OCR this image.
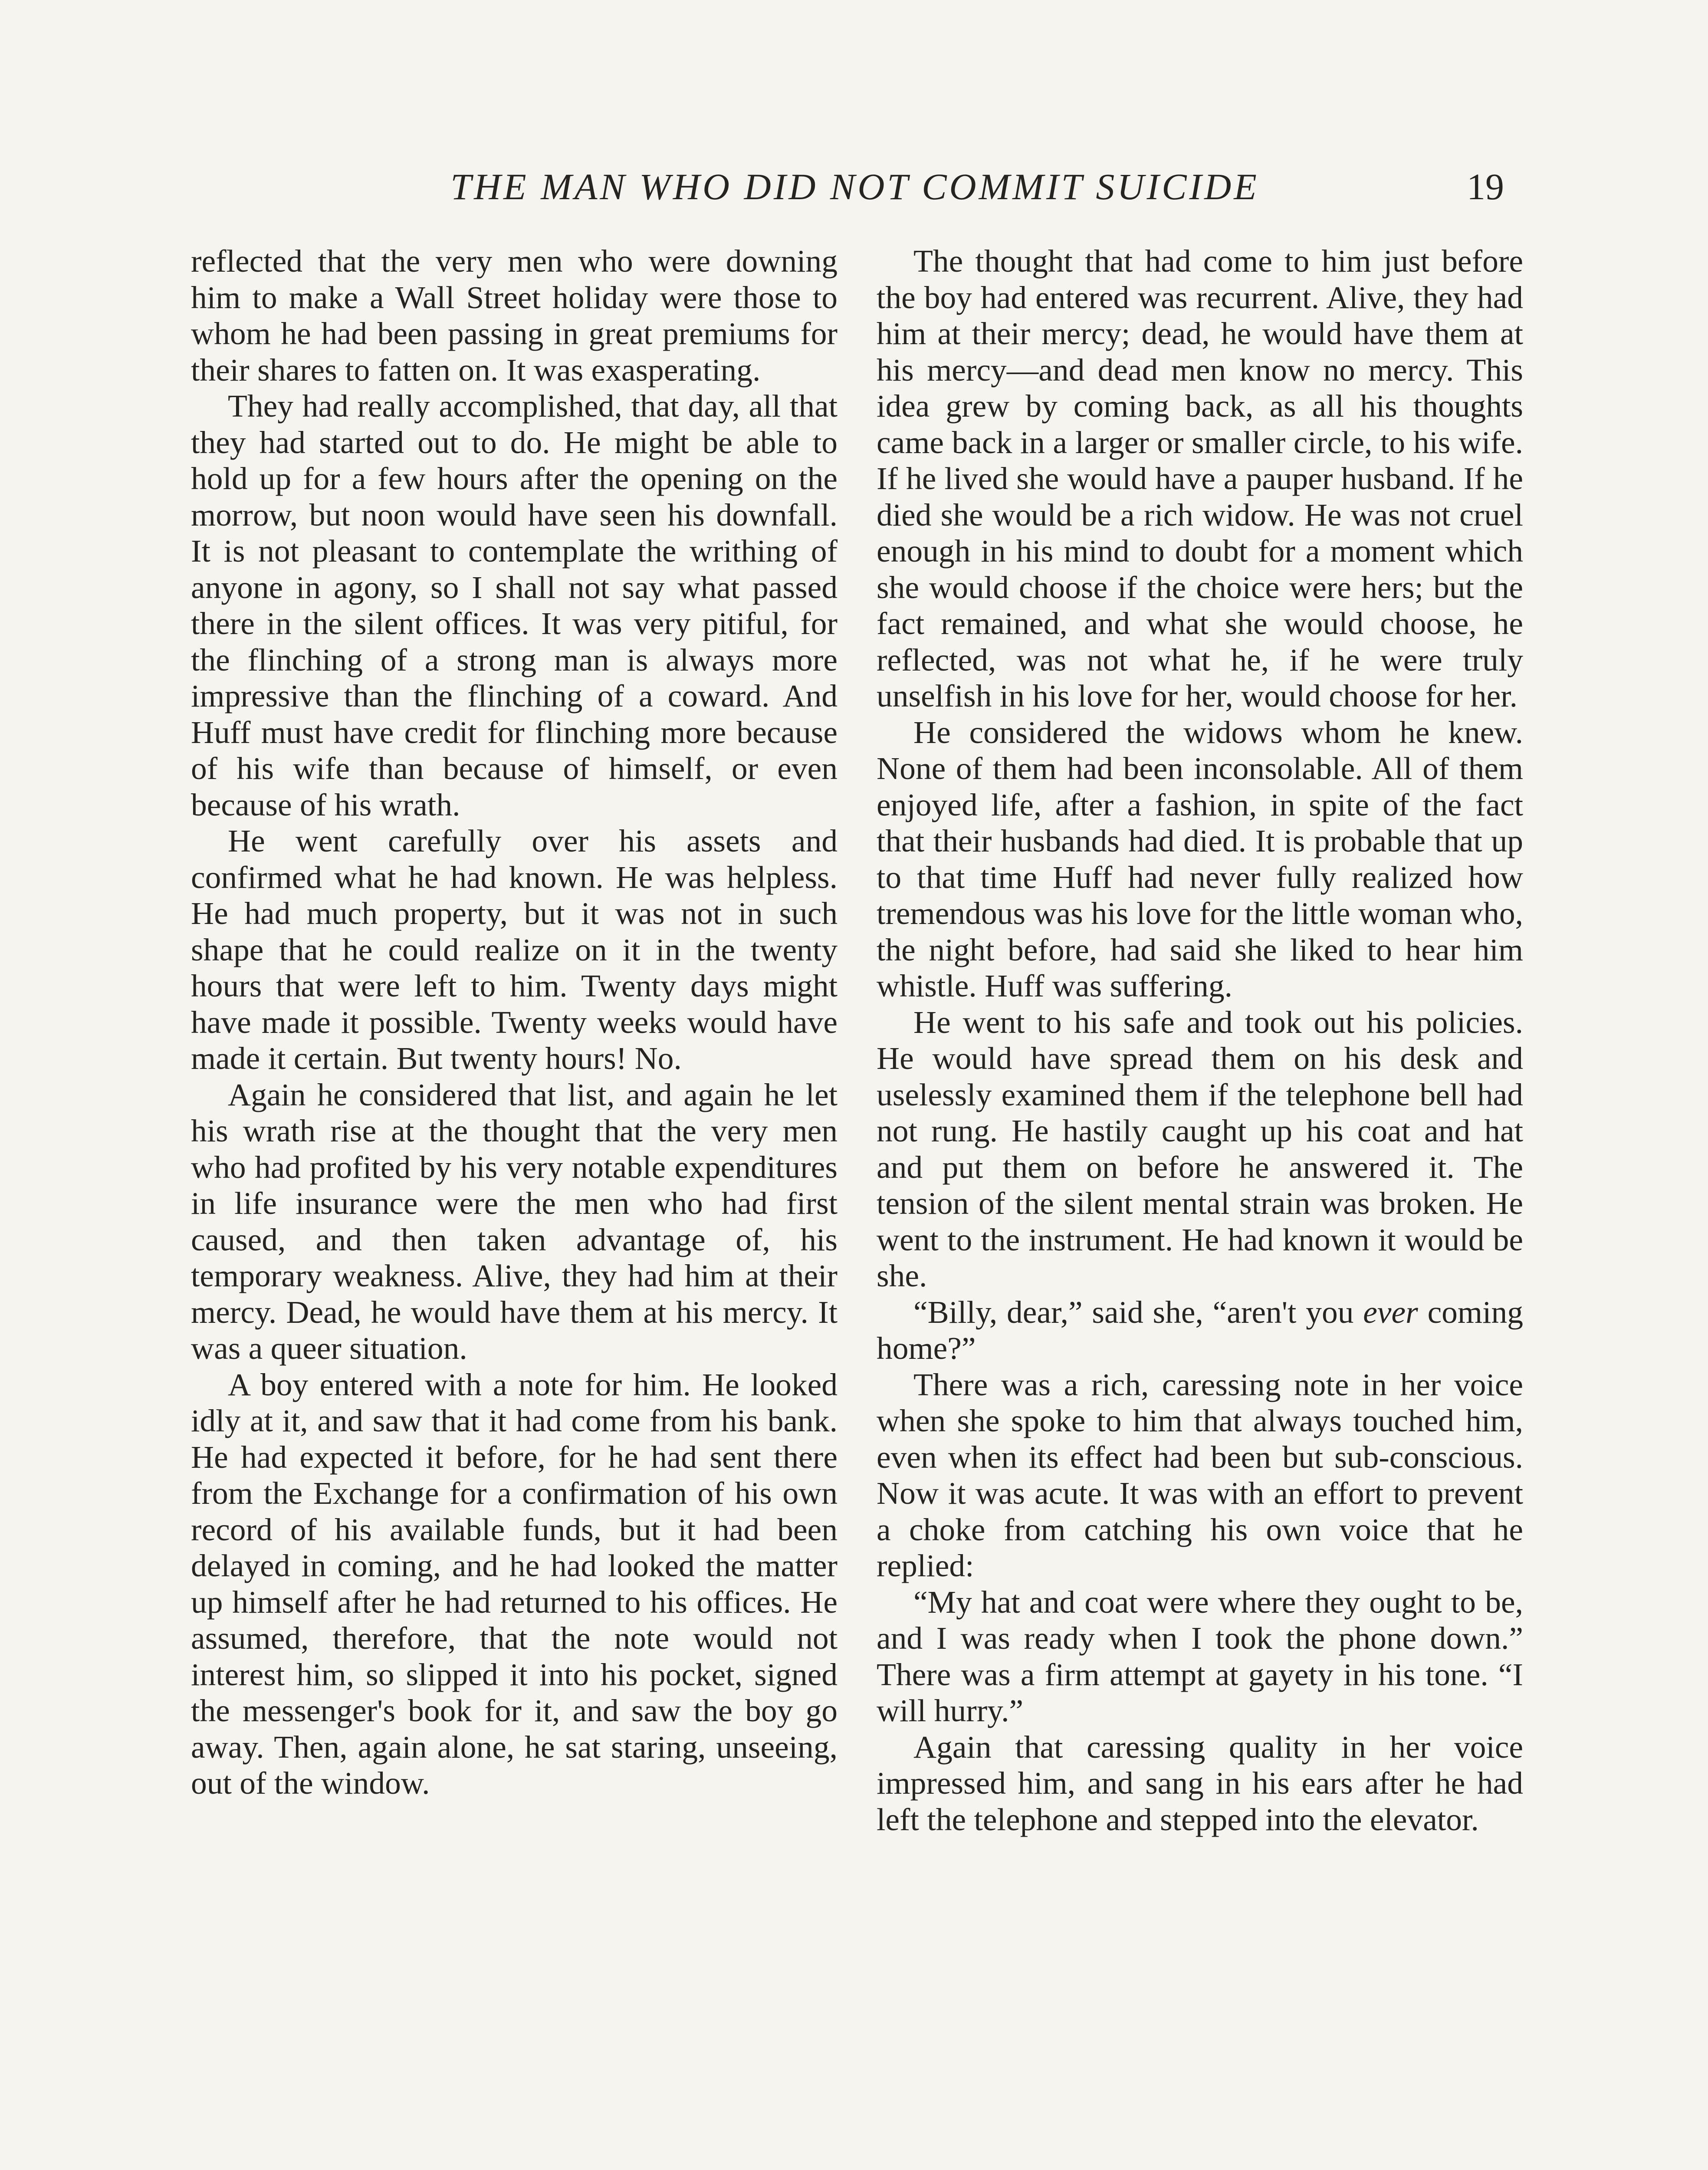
THE MAN WHO DID NOT COMMIT SUICIDE	19

reflected that the very men who were downing him to make a Wall Street holiday were those to whom he had been passing in great premiums for their shares to fatten on. It was exasperating.

They had really accomplished, that day, all that they had started out to do. He might be able to hold up for a few hours after the opening on the morrow, but noon would have seen his downfall. It is not pleasant to contemplate the writhing of anyone in agony, so I shall not say what passed there in the silent offices. It was very pitiful, for the flinching of a strong man is always more impressive than the flinching of a coward. And Huff must have credit for flinching more because of his wife than because of himself, or even because of his wrath.

He went carefully over his assets and confirmed what he had known. He was helpless. He had much property, but it was not in such shape that he could realize on it in the twenty hours that were left to him. Twenty days might have made it possible. Twenty weeks would have made it certain. But twenty hours! No.

Again he considered that list, and again he let his wrath rise at the thought that the very men who had profited by his very notable expenditures in life insurance were the men who had first caused, and then taken advantage of, his temporary weakness. Alive, they had him at their mercy. Dead, he would have them at his mercy. It was a queer situation.

A boy entered with a note for him. He looked idly at it, and saw that it had come from his bank. He had expected it before, for he had sent there from the Exchange for a confirmation of his own record of his available funds, but it had been delayed in coming, and he had looked the matter up himself after he had returned to his offices. He assumed, therefore, that the note would not interest him, so slipped it into his pocket, signed the messenger's book for it, and saw the boy go away. Then, again alone, he sat staring, unseeing, out of the window.

The thought that had come to him just before the boy had entered was recurrent. Alive, they had him at their mercy; dead, he would have them at his mercy—and dead men know no mercy. This idea grew by coming back, as all his thoughts came back in a larger or smaller circle, to his wife. If he lived she would have a pauper husband. If he died she would be a rich widow. He was not cruel enough in his mind to doubt for a moment which she would choose if the choice were hers; but the fact remained, and what she would choose, he reflected, was not what he, if he were truly unselfish in his love for her, would choose for her.

He considered the widows whom he knew. None of them had been inconsolable. All of them enjoyed life, after a fashion, in spite of the fact that their husbands had died. It is probable that up to that time Huff had never fully realized how tremendous was his love for the little woman who, the night before, had said she liked to hear him whistle. Huff was suffering.

He went to his safe and took out his policies. He would have spread them on his desk and uselessly examined them if the telephone bell had not rung. He hastily caught up his coat and hat and put them on before he answered it. The tension of the silent mental strain was broken. He went to the instrument. He had known it would be she.

“Billy, dear,” said she, “aren't you ever coming home?”

There was a rich, caressing note in her voice when she spoke to him that always touched him, even when its effect had been but sub-conscious. Now it was acute. It was with an effort to prevent a choke from catching his own voice that he replied:

“My hat and coat were where they ought to be, and I was ready when I took the phone down.” There was a firm attempt at gayety in his tone. “I will hurry.”

Again that caressing quality in her voice impressed him, and sang in his ears after he had left the telephone and stepped into the elevator.
